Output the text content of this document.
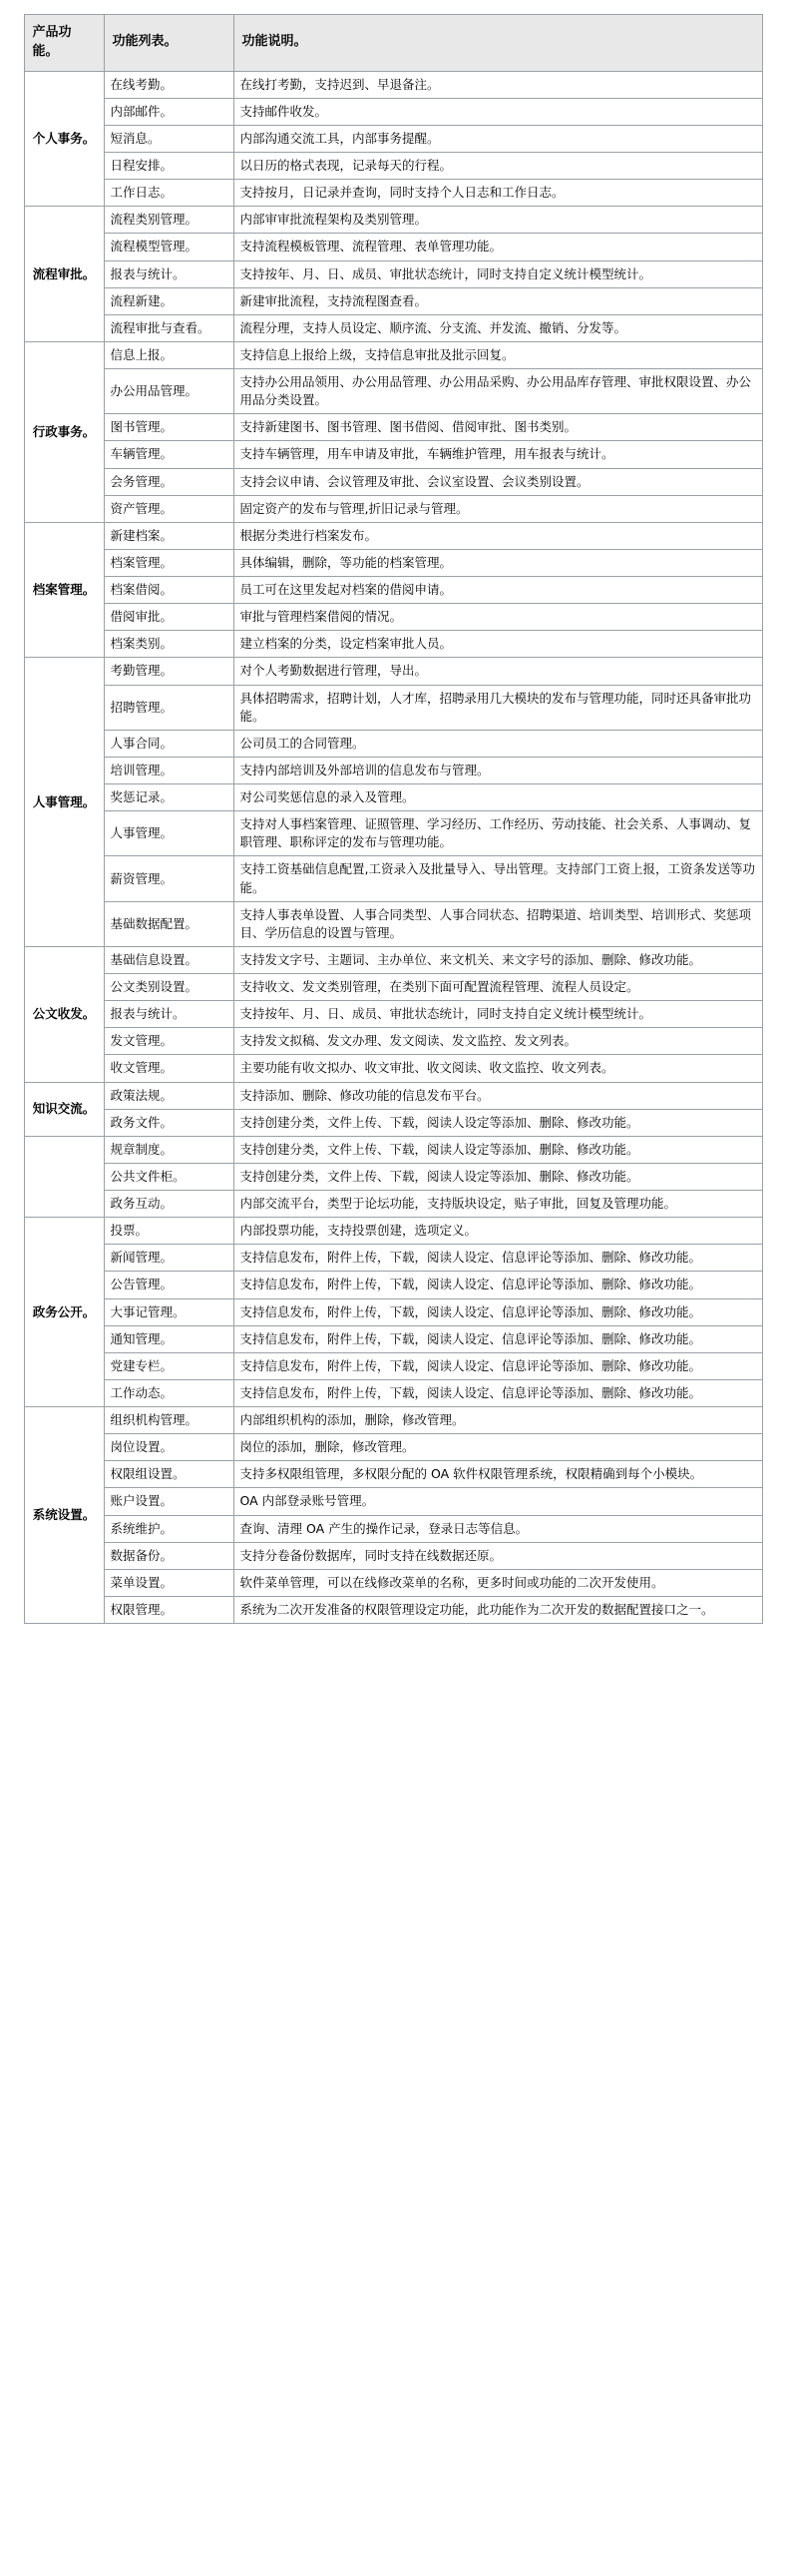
产品功能。	功能列表。	功能说明。
个人事务。	在线考勤。	在线打考勤，支持迟到、早退备注。
	内部邮件。	支持邮件收发。
	短消息。	内部沟通交流工具，内部事务提醒。
	日程安排。	以日历的格式表现，记录每天的行程。
	工作日志。	支持按月，日记录并查询，同时支持个人日志和工作日志。
流程审批。	流程类别管理。	内部审审批流程架构及类别管理。
	流程模型管理。	支持流程模板管理、流程管理、表单管理功能。
	报表与统计。	支持按年、月、日、成员、审批状态统计，同时支持自定义统计模型统计。
	流程新建。	新建审批流程，支持流程图查看。
	流程审批与查看。	流程分理，支持人员设定、顺序流、分支流、并发流、撤销、分发等。
行政事务。	信息上报。	支持信息上报给上级，支持信息审批及批示回复。
	办公用品管理。	支持办公用品领用、办公用品管理、办公用品采购、办公用品库存管理、审批权限设置、办公用品分类设置。
	图书管理。	支持新建图书、图书管理、图书借阅、借阅审批、图书类别。
	车辆管理。	支持车辆管理，用车申请及审批，车辆维护管理，用车报表与统计。
	会务管理。	支持会议申请、会议管理及审批、会议室设置、会议类别设置。
	资产管理。	固定资产的发布与管理,折旧记录与管理。
档案管理。	新建档案。	根据分类进行档案发布。
	档案管理。	具体编辑，删除，等功能的档案管理。
	档案借阅。	员工可在这里发起对档案的借阅申请。
	借阅审批。	审批与管理档案借阅的情况。
	档案类别。	建立档案的分类，设定档案审批人员。
人事管理。	考勤管理。	对个人考勤数据进行管理，导出。
	招聘管理。	具体招聘需求，招聘计划，人才库，招聘录用几大模块的发布与管理功能，同时还具备审批功能。
	人事合同。	公司员工的合同管理。
	培训管理。	支持内部培训及外部培训的信息发布与管理。
	奖惩记录。	对公司奖惩信息的录入及管理。
	人事管理。	支持对人事档案管理、证照管理、学习经历、工作经历、劳动技能、社会关系、人事调动、复职管理、职称评定的发布与管理功能。
	薪资管理。	支持工资基础信息配置,工资录入及批量导入、导出管理。支持部门工资上报，工资条发送等功能。
	基础数据配置。	支持人事表单设置、人事合同类型、人事合同状态、招聘渠道、培训类型、培训形式、奖惩项目、学历信息的设置与管理。
公文收发。	基础信息设置。	支持发文字号、主题词、主办单位、来文机关、来文字号的添加、删除、修改功能。
	公文类别设置。	支持收文、发文类别管理，在类别下面可配置流程管理、流程人员设定。
	报表与统计。	支持按年、月、日、成员、审批状态统计，同时支持自定义统计模型统计。
	发文管理。	支持发文拟稿、发文办理、发文阅读、发文监控、发文列表。
	收文管理。	主要功能有收文拟办、收文审批、收文阅读、收文监控、收文列表。
知识交流。	政策法规。	支持添加、删除、修改功能的信息发布平台。
	政务文件。	支持创建分类，文件上传、下载，阅读人设定等添加、删除、修改功能。
	规章制度。	支持创建分类，文件上传、下载，阅读人设定等添加、删除、修改功能。
	公共文件柜。	支持创建分类，文件上传、下载，阅读人设定等添加、删除、修改功能。
	政务互动。	内部交流平台，类型于论坛功能，支持版块设定，贴子审批，回复及管理功能。
政务公开。	投票。	内部投票功能，支持投票创建，选项定义。
	新闻管理。	支持信息发布，附件上传，下载，阅读人设定、信息评论等添加、删除、修改功能。
	公告管理。	支持信息发布，附件上传，下载，阅读人设定、信息评论等添加、删除、修改功能。
	大事记管理。	支持信息发布，附件上传，下载，阅读人设定、信息评论等添加、删除、修改功能。
	通知管理。	支持信息发布，附件上传，下载，阅读人设定、信息评论等添加、删除、修改功能。
	党建专栏。	支持信息发布，附件上传，下载，阅读人设定、信息评论等添加、删除、修改功能。
	工作动态。	支持信息发布，附件上传，下载，阅读人设定、信息评论等添加、删除、修改功能。
系统设置。	组织机构管理。	内部组织机构的添加，删除，修改管理。
	岗位设置。	岗位的添加，删除，修改管理。
	权限组设置。	支持多权限组管理，多权限分配的 OA 软件权限管理系统，权限精确到每个小模块。
	账户设置。	OA 内部登录账号管理。
	系统维护。	查询、清理 OA 产生的操作记录，登录日志等信息。
	数据备份。	支持分卷备份数据库，同时支持在线数据还原。
	菜单设置。	软件菜单管理，可以在线修改菜单的名称，更多时间或功能的二次开发使用。
	权限管理。	系统为二次开发准备的权限管理设定功能，此功能作为二次开发的数据配置接口之一。
